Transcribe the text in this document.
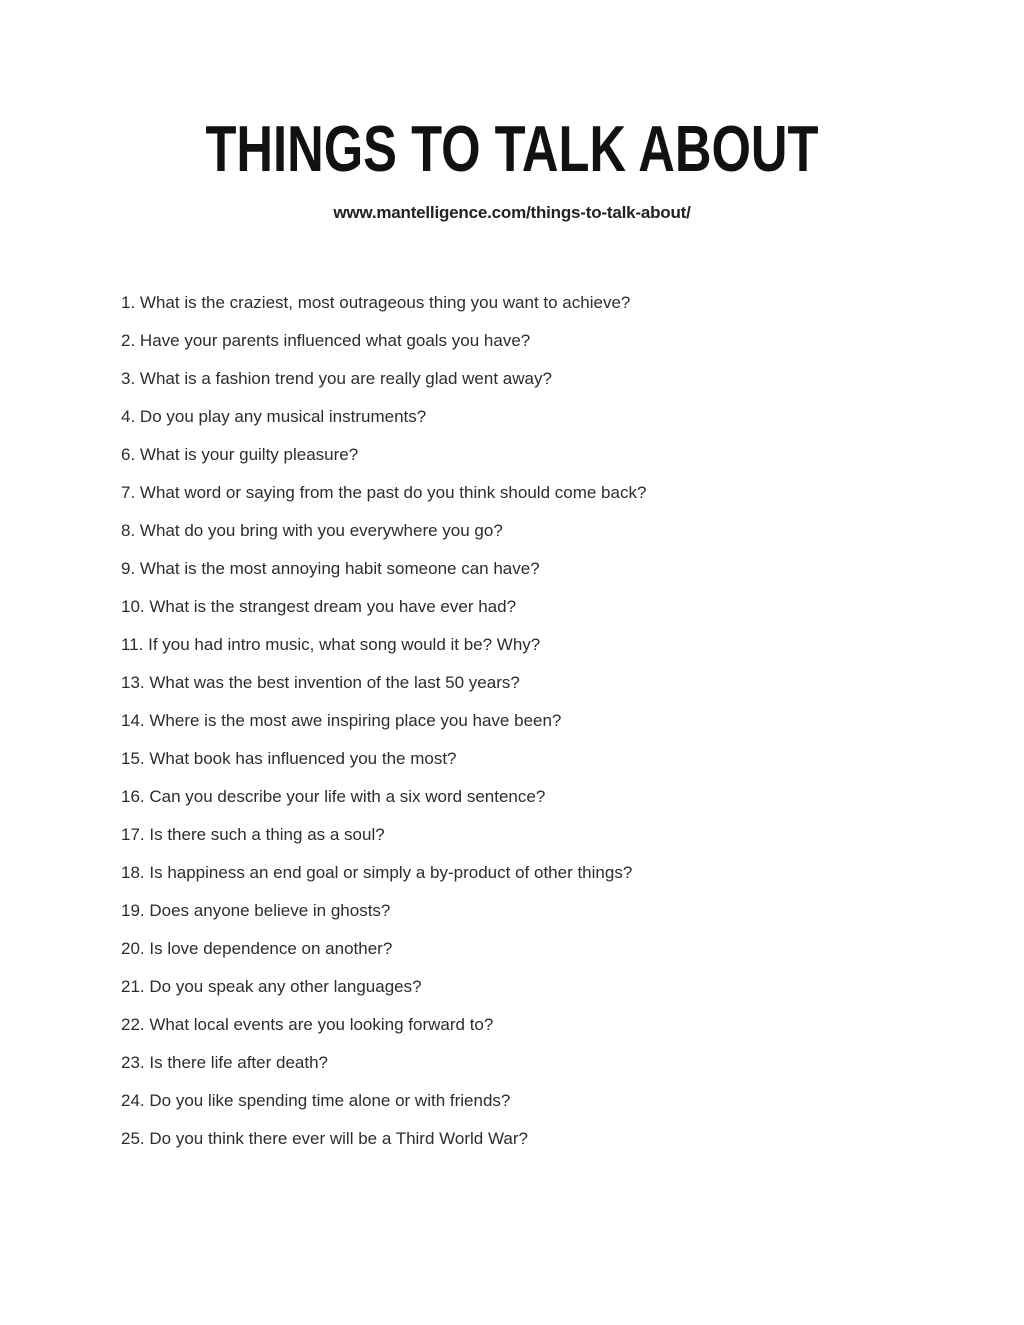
THINGS TO TALK ABOUT
www.mantelligence.com/things-to-talk-about/
1. What is the craziest, most outrageous thing you want to achieve?
2. Have your parents influenced what goals you have?
3. What is a fashion trend you are really glad went away?
4. Do you play any musical instruments?
6. What is your guilty pleasure?
7. What word or saying from the past do you think should come back?
8. What do you bring with you everywhere you go?
9. What is the most annoying habit someone can have?
10. What is the strangest dream you have ever had?
11. If you had intro music, what song would it be? Why?
13. What was the best invention of the last 50 years?
14. Where is the most awe inspiring place you have been?
15. What book has influenced you the most?
16. Can you describe your life with a six word sentence?
17. Is there such a thing as a soul?
18. Is happiness an end goal or simply a by-product of other things?
19. Does anyone believe in ghosts?
20. Is love dependence on another?
21. Do you speak any other languages?
22. What local events are you looking forward to?
23. Is there life after death?
24. Do you like spending time alone or with friends?
25. Do you think there ever will be a Third World War?
